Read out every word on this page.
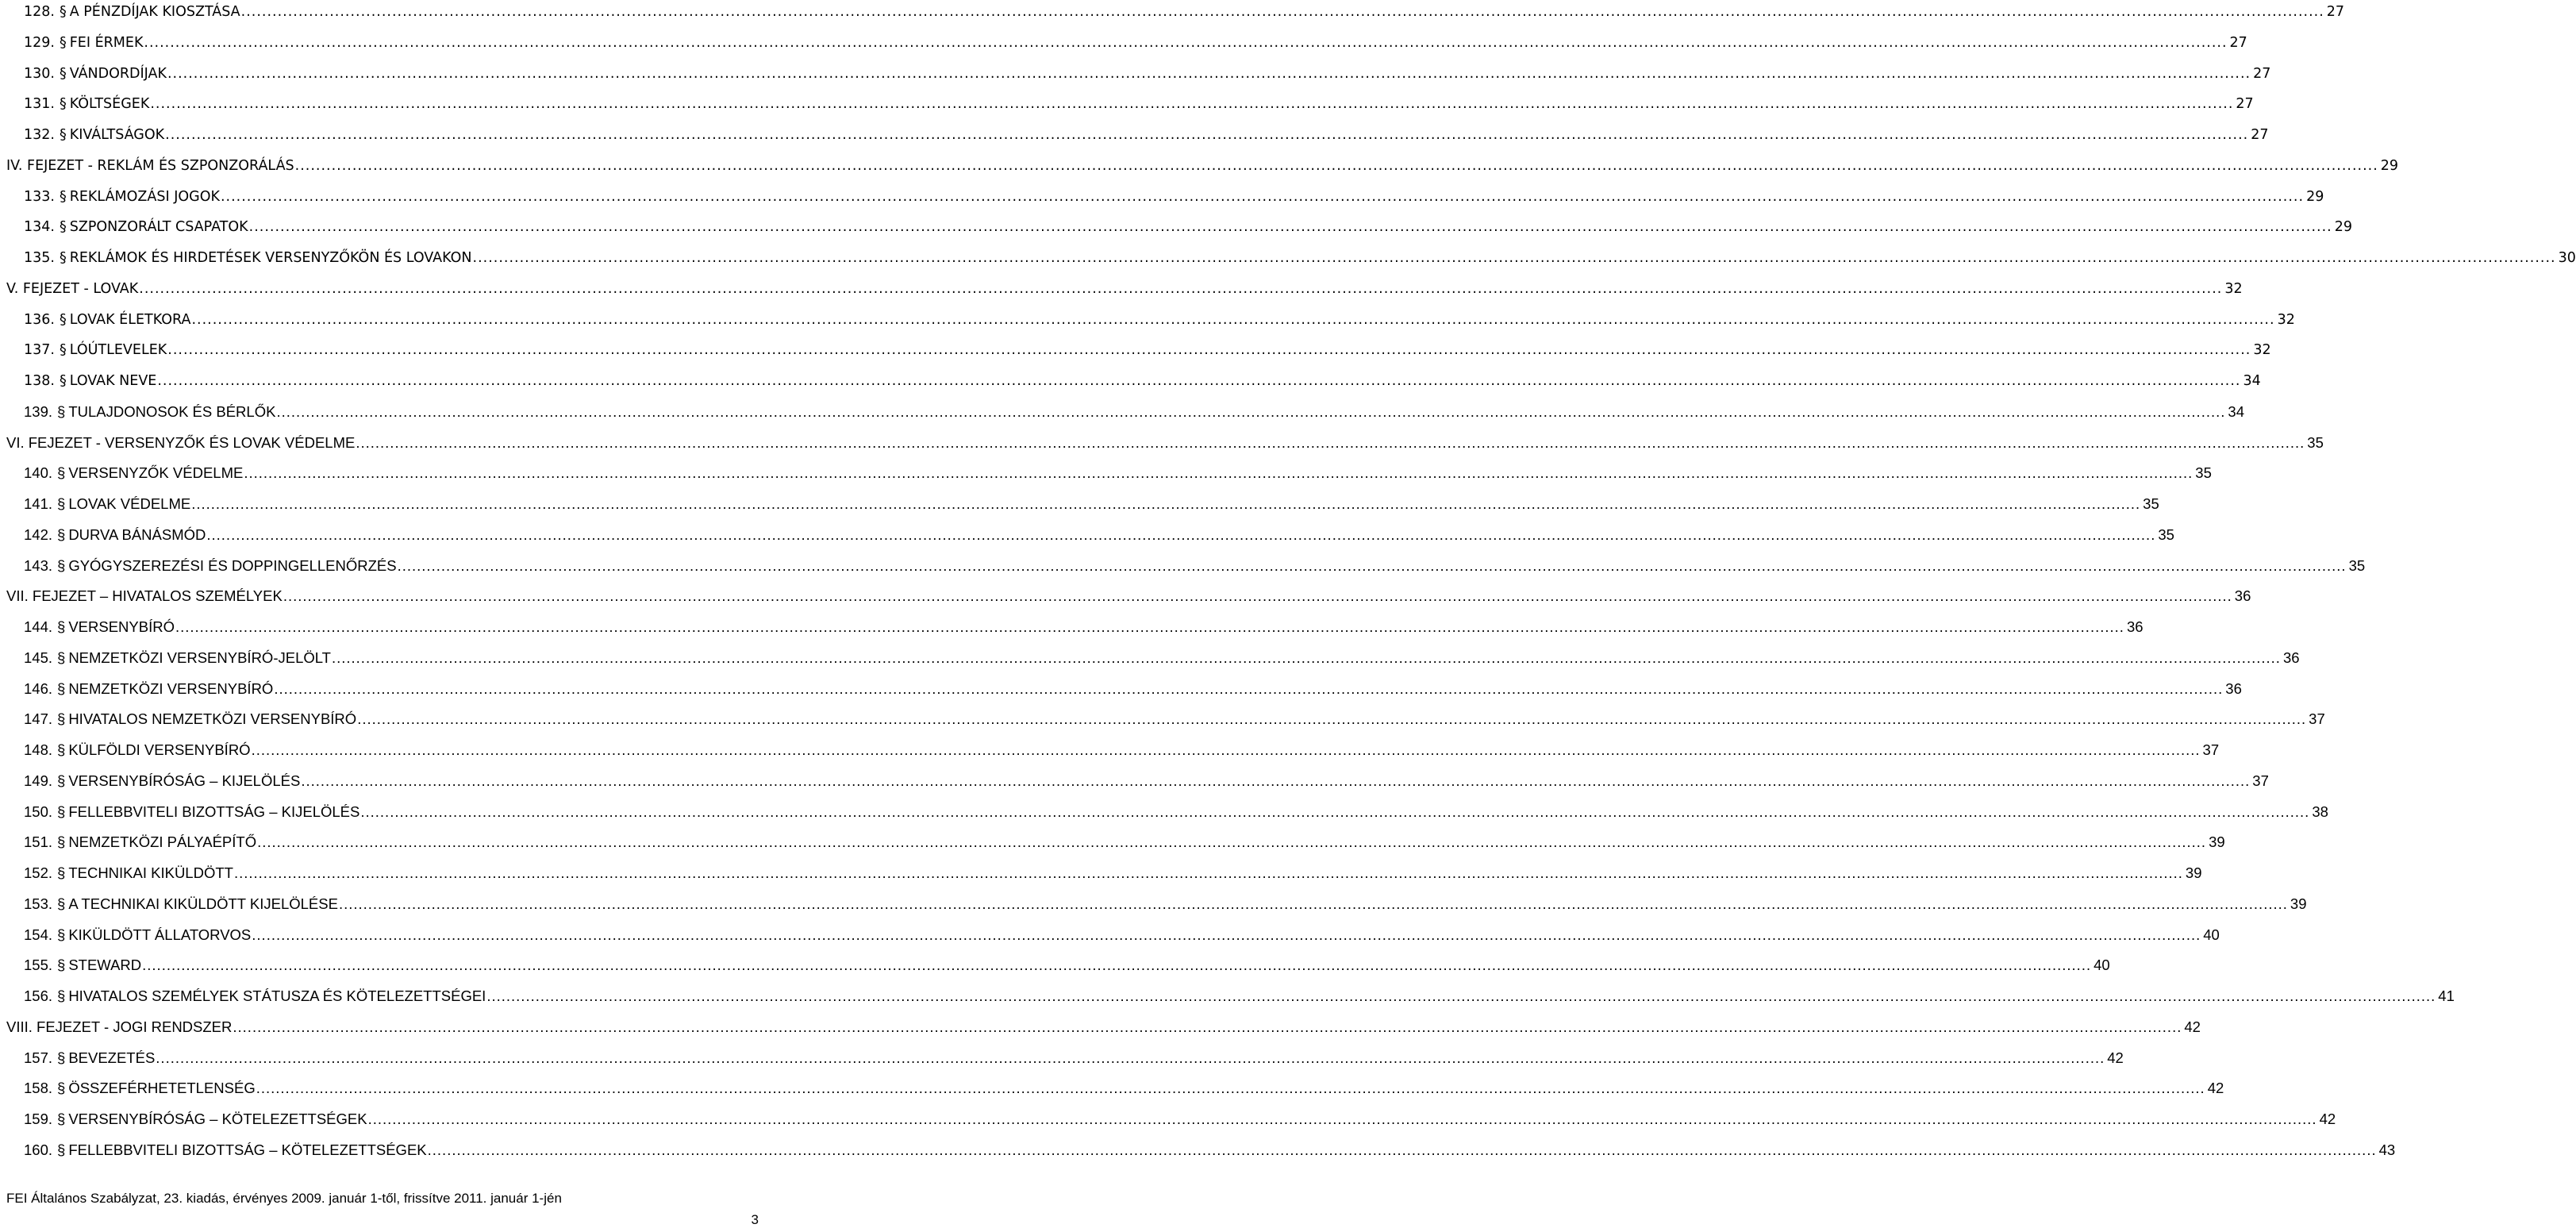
128. § A PÉNZDÍJAK KIOSZTÁSA ................................................................................................................................................................................................................................................................................................................................................................................................................ 27
129. § FEI ÉRMEK ................................................................................................................................................................................................................................................................................................................................................................................................................ 27
130. § VÁNDORDÍJAK ................................................................................................................................................................................................................................................................................................................................................................................................................ 27
131. § KÖLTSÉGEK ................................................................................................................................................................................................................................................................................................................................................................................................................ 27
132. § KIVÁLTSÁGOK ................................................................................................................................................................................................................................................................................................................................................................................................................ 27
IV. FEJEZET - REKLÁM ÉS SZPONZORÁLÁS ................................................................................................................................................................................................................................................................................................................................................................................................................ 29
133. § REKLÁMOZÁSI JOGOK ................................................................................................................................................................................................................................................................................................................................................................................................................ 29
134. § SZPONZORÁLT CSAPATOK ................................................................................................................................................................................................................................................................................................................................................................................................................ 29
135. § REKLÁMOK ÉS HIRDETÉSEK VERSENYZŐKÖN ÉS LOVAKON ................................................................................................................................................................................................................................................................................................................................................................................................................ 30
V. FEJEZET - LOVAK ................................................................................................................................................................................................................................................................................................................................................................................................................ 32
136. § LOVAK ÉLETKORA ................................................................................................................................................................................................................................................................................................................................................................................................................ 32
137. § LÓÚTLEVELEK ................................................................................................................................................................................................................................................................................................................................................................................................................ 32
138. § LOVAK NEVE ................................................................................................................................................................................................................................................................................................................................................................................................................ 34
139. § TULAJDONOSOK ÉS BÉRLŐK ................................................................................................................................................................................................................................................................................................................................................................................................................ 34
VI. FEJEZET - VERSENYZŐK ÉS LOVAK VÉDELME ................................................................................................................................................................................................................................................................................................................................................................................................................ 35
140. § VERSENYZŐK VÉDELME ................................................................................................................................................................................................................................................................................................................................................................................................................ 35
141. § LOVAK VÉDELME ................................................................................................................................................................................................................................................................................................................................................................................................................ 35
142. § DURVA BÁNÁSMÓD ................................................................................................................................................................................................................................................................................................................................................................................................................ 35
143. § GYÓGYSZEREZÉSI ÉS DOPPINGELLENŐRZÉS ................................................................................................................................................................................................................................................................................................................................................................................................................ 35
VII. FEJEZET – HIVATALOS SZEMÉLYEK ................................................................................................................................................................................................................................................................................................................................................................................................................ 36
144. § VERSENYBÍRÓ ................................................................................................................................................................................................................................................................................................................................................................................................................ 36
145. § NEMZETKÖZI VERSENYBÍRÓ-JELÖLT ................................................................................................................................................................................................................................................................................................................................................................................................................ 36
146. § NEMZETKÖZI VERSENYBÍRÓ ................................................................................................................................................................................................................................................................................................................................................................................................................ 36
147. § HIVATALOS NEMZETKÖZI VERSENYBÍRÓ ................................................................................................................................................................................................................................................................................................................................................................................................................ 37
148. § KÜLFÖLDI VERSENYBÍRÓ ................................................................................................................................................................................................................................................................................................................................................................................................................ 37
149. § VERSENYBÍRÓSÁG – KIJELÖLÉS ................................................................................................................................................................................................................................................................................................................................................................................................................ 37
150. § FELLEBBVITELI BIZOTTSÁG – KIJELÖLÉS ................................................................................................................................................................................................................................................................................................................................................................................................................ 38
151. § NEMZETKÖZI PÁLYAÉPÍTŐ ................................................................................................................................................................................................................................................................................................................................................................................................................ 39
152. § TECHNIKAI KIKÜLDÖTT ................................................................................................................................................................................................................................................................................................................................................................................................................ 39
153. § A TECHNIKAI KIKÜLDÖTT KIJELÖLÉSE ................................................................................................................................................................................................................................................................................................................................................................................................................ 39
154. § KIKÜLDÖTT ÁLLATORVOS ................................................................................................................................................................................................................................................................................................................................................................................................................ 40
155. § STEWARD ................................................................................................................................................................................................................................................................................................................................................................................................................ 40
156. § HIVATALOS SZEMÉLYEK STÁTUSZA ÉS KÖTELEZETTSÉGEI ................................................................................................................................................................................................................................................................................................................................................................................................................ 41
VIII. FEJEZET - JOGI RENDSZER ................................................................................................................................................................................................................................................................................................................................................................................................................ 42
157. § BEVEZETÉS ................................................................................................................................................................................................................................................................................................................................................................................................................ 42
158. § ÖSSZEFÉRHETETLENSÉG ................................................................................................................................................................................................................................................................................................................................................................................................................ 42
159. § VERSENYBÍRÓSÁG – KÖTELEZETTSÉGEK ................................................................................................................................................................................................................................................................................................................................................................................................................ 42
160. § FELLEBBVITELI BIZOTTSÁG – KÖTELEZETTSÉGEK ................................................................................................................................................................................................................................................................................................................................................................................................................ 43
FEI Általános Szabályzat, 23. kiadás, érvényes 2009. január 1-től, frissítve 2011. január 1-jén
3
